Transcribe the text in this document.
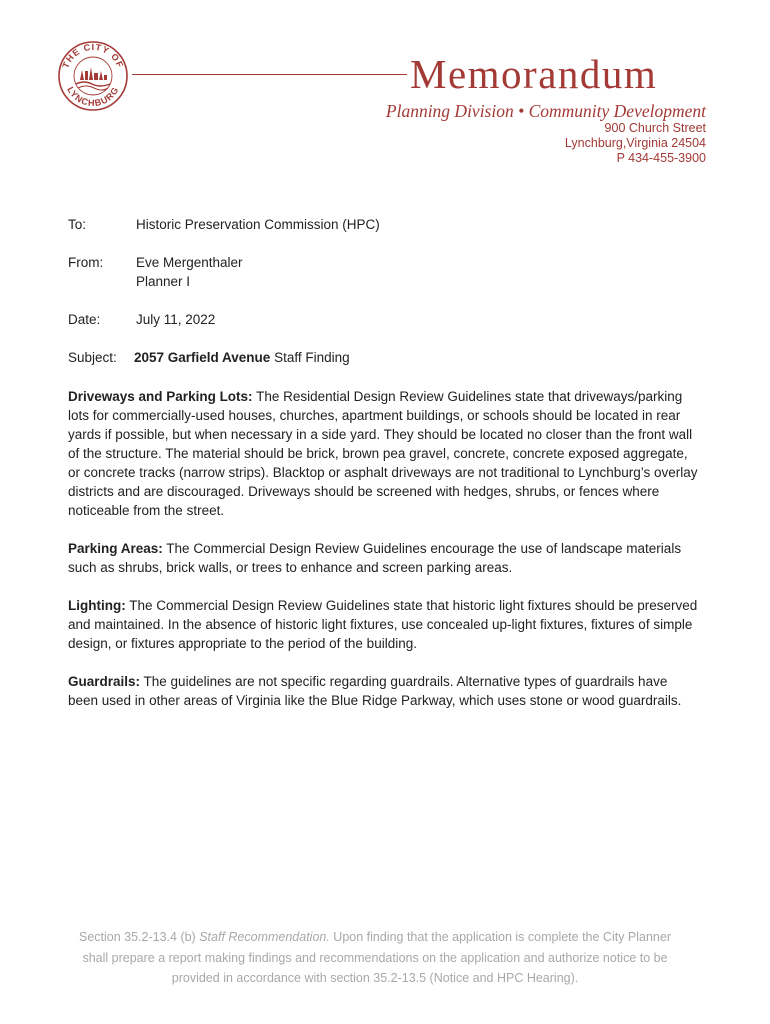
THE CITY OF
LYNCHBURG	Memorandum
Planning Division • Community Development
900 Church Street
Lynchburg,Virginia 24504
P 434-455-3900
To:	Historic Preservation Commission (HPC)
From: Eve Mergenthaler
Planner I
Date:	July 11, 2022
Subject: 2057 Garfield Avenue Staff Finding

Driveways and Parking Lots: The Residential Design Review Guidelines state that driveways/parking lots for commercially-used houses, churches, apartment buildings, or schools should be located in rear yards if possible, but when necessary in a side yard. They should be located no closer than the front wall of the structure. The material should be brick, brown pea gravel, concrete, concrete exposed aggregate, or concrete tracks (narrow strips). Blacktop or asphalt driveways are not traditional to Lynchburg’s overlay districts and are discouraged. Driveways should be screened with hedges, shrubs, or fences where noticeable from the street.

Parking Areas: The Commercial Design Review Guidelines encourage the use of landscape materials such as shrubs, brick walls, or trees to enhance and screen parking areas.

Lighting: The Commercial Design Review Guidelines state that historic light fixtures should be preserved and maintained. In the absence of historic light fixtures, use concealed up-light fixtures, fixtures of simple design, or fixtures appropriate to the period of the building.

Guardrails: The guidelines are not specific regarding guardrails. Alternative types of guardrails have been used in other areas of Virginia like the Blue Ridge Parkway, which uses stone or wood guardrails.

Section 35.2-13.4 (b) Staff Recommendation. Upon finding that the application is complete the City Planner
shall prepare a report making findings and recommendations on the application and authorize notice to be
provided in accordance with section 35.2-13.5 (Notice and HPC Hearing).
